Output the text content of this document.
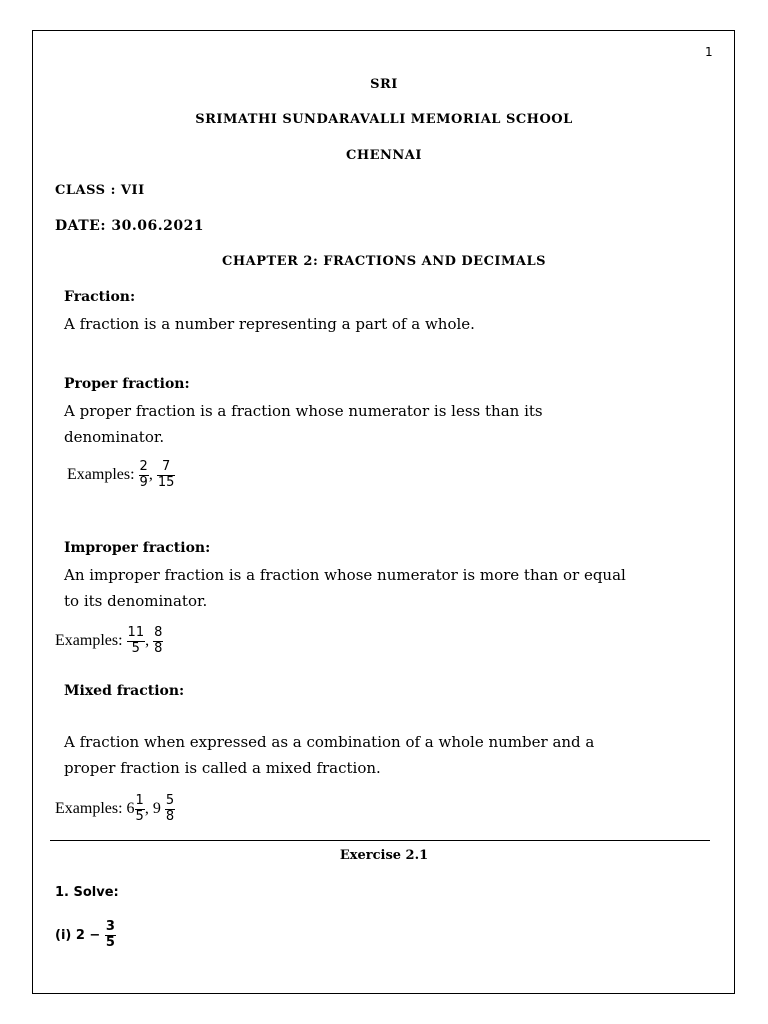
1
SRI
SRIMATHI SUNDARAVALLI MEMORIAL SCHOOL
CHENNAI
CLASS : VII
DATE: 30.06.2021
CHAPTER 2: FRACTIONS AND DECIMALS
Fraction:
A fraction is a number representing a part of a whole.
Proper fraction:
A proper fraction is a fraction whose numerator is less than its
denominator.
Examples: $\frac{2}{9}$ , $\frac{7}{15}$
Improper fraction:
An improper fraction is a fraction whose numerator is more than or equal
to its denominator.
Examples: $\frac{11}{5}$ , $\frac{8}{8}$
Mixed fraction:
A fraction when expressed as a combination of a whole number and a
proper fraction is called a mixed fraction.
Examples: $6 \frac{1}{5}$ , $9 \frac{5}{8}$
Exercise 2.1
1. Solve:
(i) $2 - \frac{3}{5}$
